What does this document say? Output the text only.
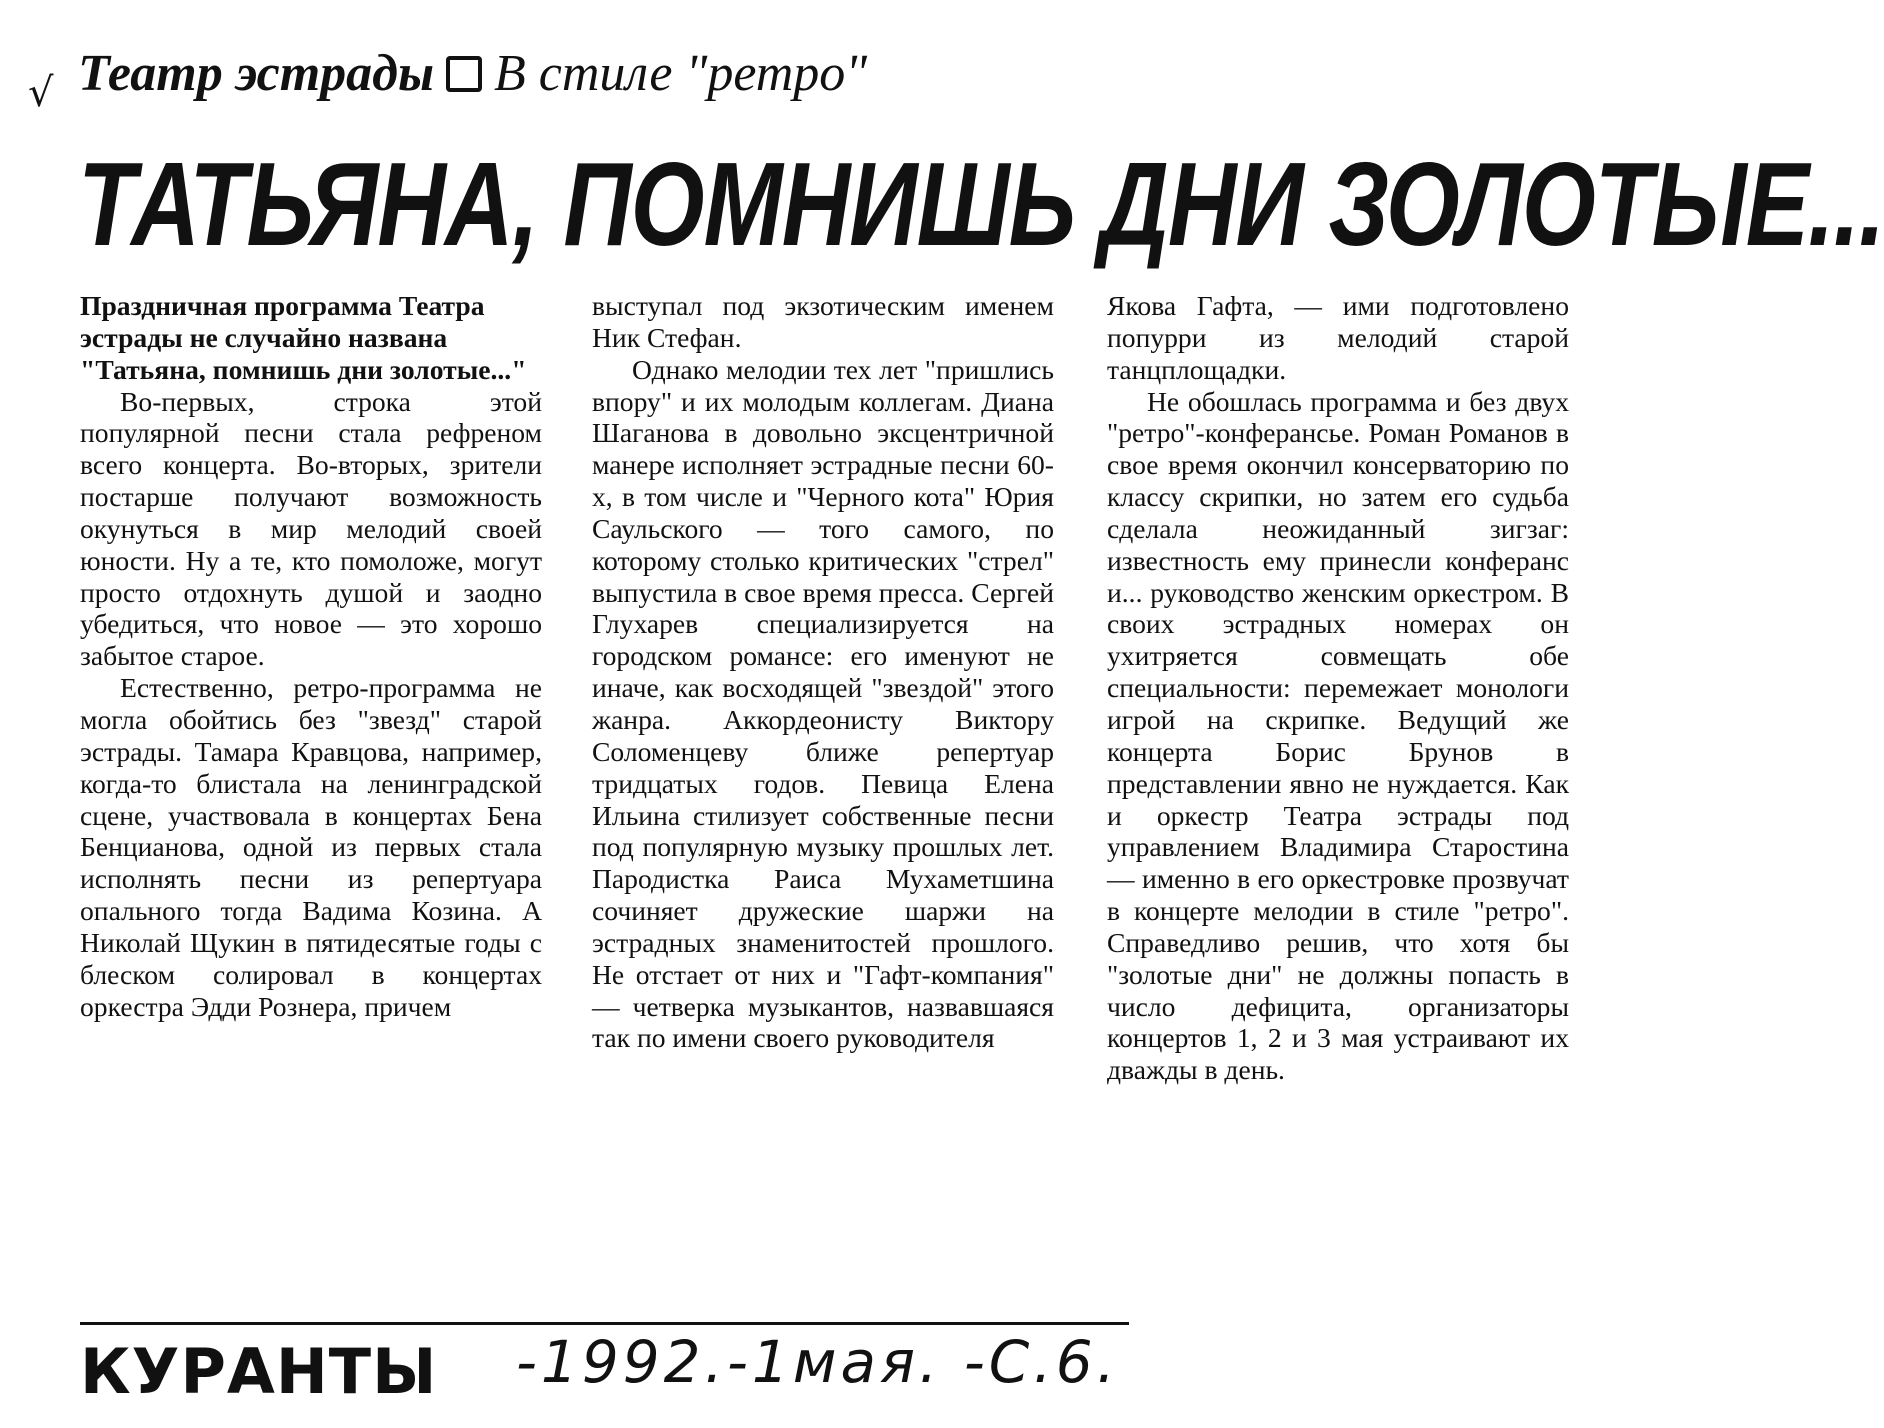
√ Театр эстрады В стиле "ретро"
ТАТЬЯНА, ПОМНИШЬ ДНИ ЗОЛОТЫЕ...

Праздничная программа Театра эстрады не случайно названа "Татьяна, помнишь дни золотые..."

Во-первых, строка этой популярной песни стала рефреном всего концерта. Во-вторых, зрители постарше получают возможность окунуться в мир мелодий своей юности. Ну а те, кто помоложе, могут просто отдохнуть душой и заодно убедиться, что новое — это хорошо забытое старое.

Естественно, ретро-программа не могла обойтись без "звезд" старой эстрады. Тамара Кравцова, например, когда-то блистала на ленинградской сцене, участвовала в концертах Бена Бенцианова, одной из первых стала исполнять песни из репертуара опального тогда Вадима Козина. А Николай Щукин в пятидесятые годы с блеском солировал в концертах оркестра Эдди Рознера, причем

выступал под экзотическим именем Ник Стефан.

Однако мелодии тех лет "пришлись впору" и их молодым коллегам. Диана Шаганова в довольно эксцентричной манере исполняет эстрадные песни 60-х, в том числе и "Черного кота" Юрия Саульского — того самого, по которому столько критических "стрел" выпустила в свое время пресса. Сергей Глухарев специализируется на городском романсе: его именуют не иначе, как восходящей "звездой" этого жанра. Аккордеонисту Виктору Соломенцеву ближе репертуар тридцатых годов. Певица Елена Ильина стилизует собственные песни под популярную музыку прошлых лет. Пародистка Раиса Мухаметшина сочиняет дружеские шаржи на эстрадных знаменитостей прошлого. Не отстает от них и "Гафт-компания" — четверка музыкантов, назвавшаяся так по имени своего руководителя

Якова Гафта, — ими подготовлено попурри из мелодий старой танцплощадки.

Не обошлась программа и без двух "ретро"-конферансье. Роман Романов в свое время окончил консерваторию по классу скрипки, но затем его судьба сделала неожиданный зигзаг: известность ему принесли конферанс и... руководство женским оркестром. В своих эстрадных номерах он ухитряется совмещать обе специальности: перемежает монологи игрой на скрипке. Ведущий же концерта Борис Брунов в представлении явно не нуждается. Как и оркестр Театра эстрады под управлением Владимира Старостина — именно в его оркестровке прозвучат в концерте мелодии в стиле "ретро". Справедливо решив, что хотя бы "золотые дни" не должны попасть в число дефицита, организаторы концертов 1, 2 и 3 мая устраивают их дважды в день.

КУРАНТЫ -1992.-1мая. -С.6.
